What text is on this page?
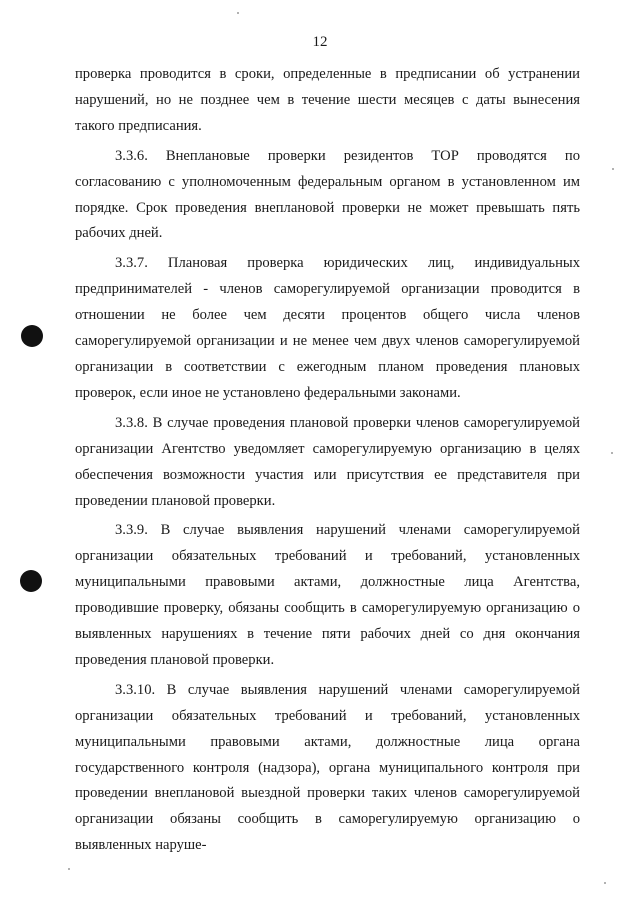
12

проверка проводится в сроки, определенные в предписании об устранении нарушений, но не позднее чем в течение шести месяцев с даты вынесения такого предписания.

3.3.6. Внеплановые проверки резидентов ТОР проводятся по согласованию с уполномоченным федеральным органом в установленном им порядке. Срок проведения внеплановой проверки не может превышать пять рабочих дней.

3.3.7. Плановая проверка юридических лиц, индивидуальных предпринимателей - членов саморегулируемой организации проводится в отношении не более чем десяти процентов общего числа членов саморегулируемой организации и не менее чем двух членов саморегулируемой организации в соответствии с ежегодным планом проведения плановых проверок, если иное не установлено федеральными законами.

3.3.8. В случае проведения плановой проверки членов саморегулируемой организации Агентство уведомляет саморегулируемую организацию в целях обеспечения возможности участия или присутствия ее представителя при проведении плановой проверки.

3.3.9. В случае выявления нарушений членами саморегулируемой организации обязательных требований и требований, установленных муниципальными правовыми актами, должностные лица Агентства, проводившие проверку, обязаны сообщить в саморегулируемую организацию о выявленных нарушениях в течение пяти рабочих дней со дня окончания проведения плановой проверки.

3.3.10. В случае выявления нарушений членами саморегулируемой организации обязательных требований и требований, установленных муниципальными правовыми актами, должностные лица органа государственного контроля (надзора), органа муниципального контроля при проведении внеплановой выездной проверки таких членов саморегулируемой организации обязаны сообщить в саморегулируемую организацию о выявленных наруше-
